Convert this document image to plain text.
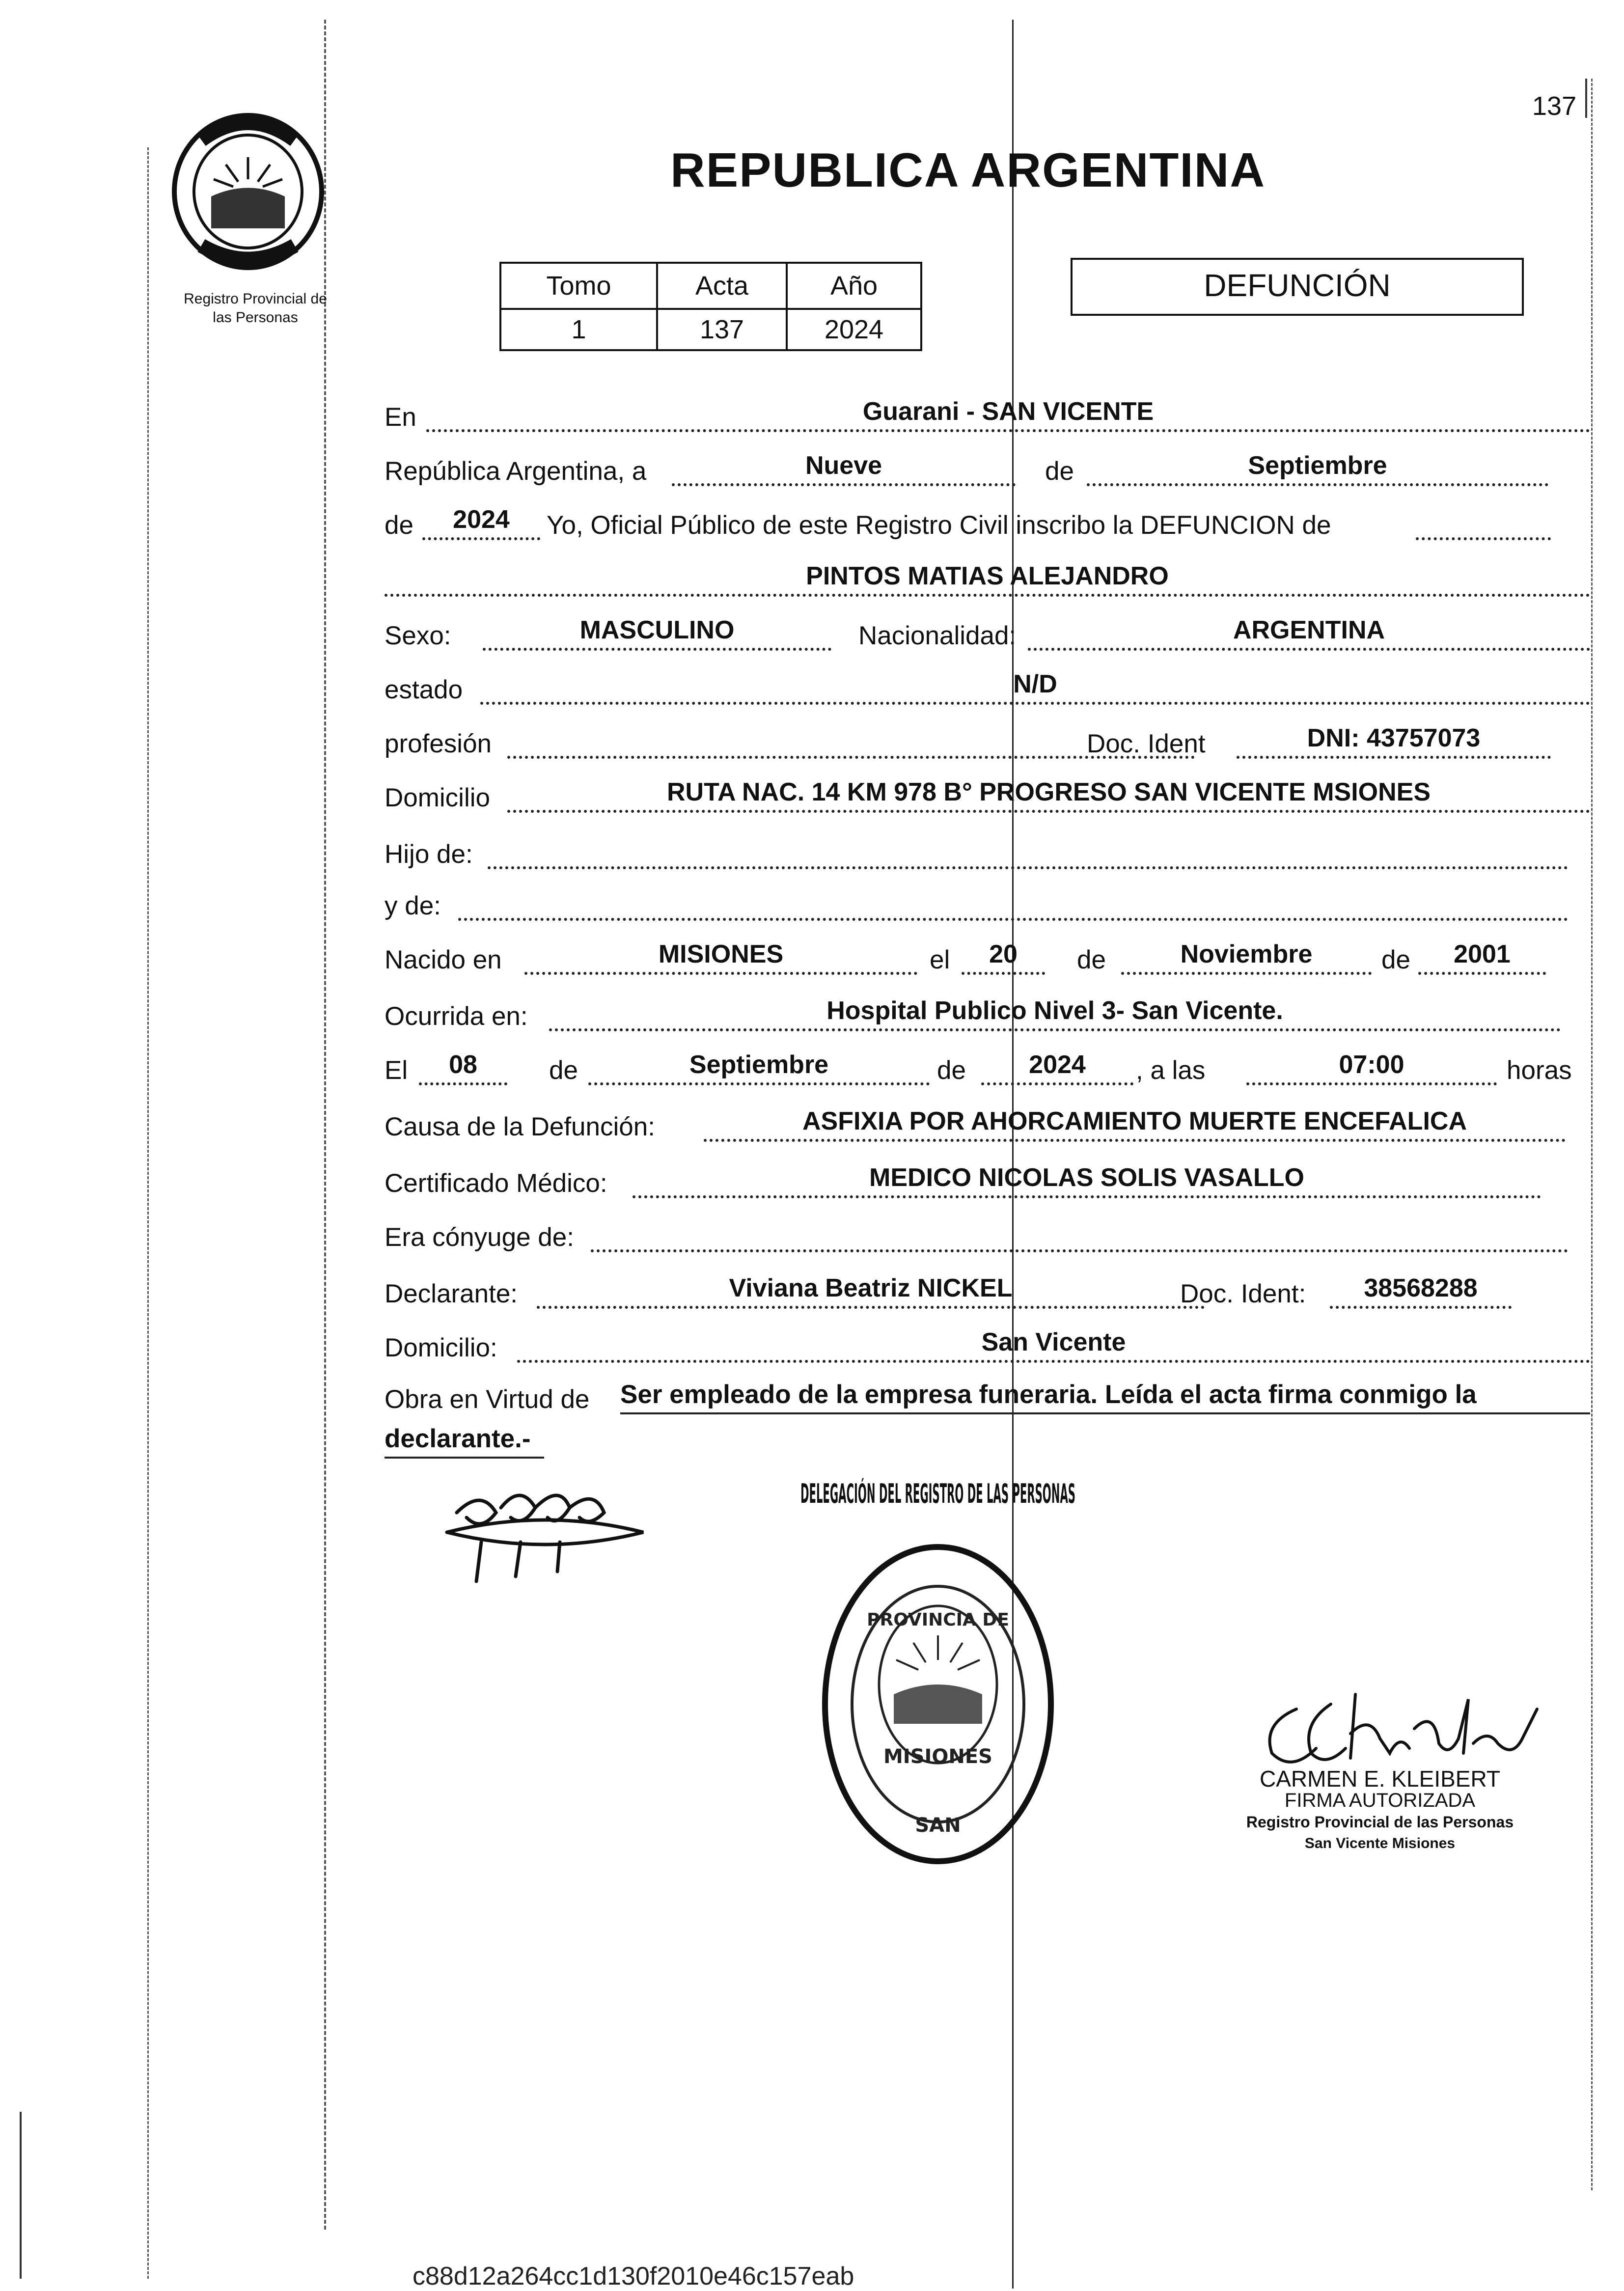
137
Registro Provincial de
las Personas
REPUBLICA ARGENTINA
Tomo	Acta	Año
1	137	2024
DEFUNCIÓN
En	Guarani - SAN VICENTE
República Argentina, a	Nueve	de	Septiembre
de	2024	Yo, Oficial Público de este Registro Civil inscribo la DEFUNCION de
PINTOS MATIAS ALEJANDRO
Sexo:	MASCULINO	Nacionalidad:	ARGENTINA
estado	N/D
profesión	Doc. Ident	DNI: 43757073
Domicilio	RUTA NAC. 14 KM 978 B° PROGRESO SAN VICENTE MSIONES
Hijo de:
y de:
Nacido en	MISIONES	el	20	de	Noviembre	de	2001
Ocurrida en:	Hospital Publico Nivel 3- San Vicente.
El	08	de	Septiembre	de	2024	, a las	07:00	horas
Causa de la Defunción:	ASFIXIA POR AHORCAMIENTO MUERTE ENCEFALICA
Certificado Médico:	MEDICO NICOLAS SOLIS VASALLO
Era cónyuge de:
Declarante:	Viviana Beatriz NICKEL	Doc. Ident:	38568288
Domicilio:	San Vicente
Obra en Virtud de Ser empleado de la empresa funeraria. Leída el acta firma conmigo la
declarante.-
DELEGACIÓN DEL REGISTRO DE LAS PERSONAS
PROVINCIA DE
MISIONES
SAN
CARMEN E. KLEIBERT
FIRMA AUTORIZADA
Registro Provincial de las Personas
San Vicente Misiones
c88d12a264cc1d130f2010e46c157eab
